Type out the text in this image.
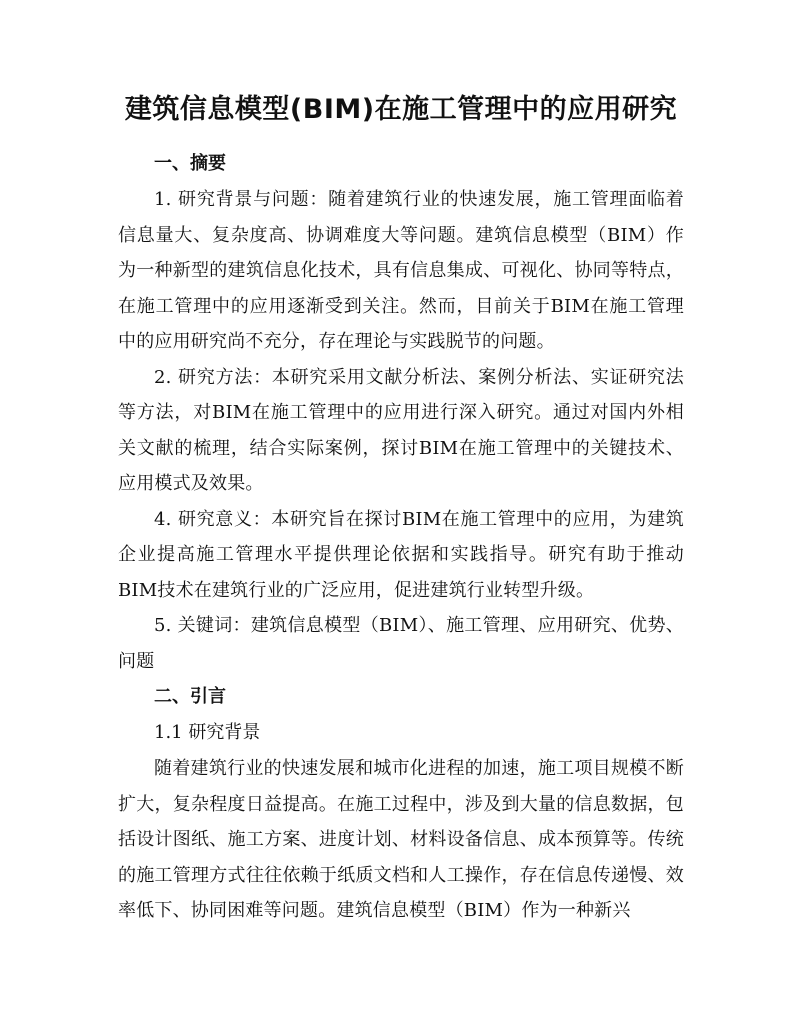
建筑信息模型(BIM)在施工管理中的应用研究

一、摘要

1. 研究背景与问题：随着建筑行业的快速发展，施工管理面临着信息量大、复杂度高、协调难度大等问题。建筑信息模型（BIM）作为一种新型的建筑信息化技术，具有信息集成、可视化、协同等特点，在施工管理中的应用逐渐受到关注。然而，目前关于BIM在施工管理中的应用研究尚不充分，存在理论与实践脱节的问题。

2. 研究方法：本研究采用文献分析法、案例分析法、实证研究法等方法，对BIM在施工管理中的应用进行深入研究。通过对国内外相关文献的梳理，结合实际案例，探讨BIM在施工管理中的关键技术、应用模式及效果。

4. 研究意义：本研究旨在探讨BIM在施工管理中的应用，为建筑企业提高施工管理水平提供理论依据和实践指导。研究有助于推动BIM技术在建筑行业的广泛应用，促进建筑行业转型升级。

5. 关键词：建筑信息模型（BIM）、施工管理、应用研究、优势、问题

二、引言

1.1 研究背景

随着建筑行业的快速发展和城市化进程的加速，施工项目规模不断扩大，复杂程度日益提高。在施工过程中，涉及到大量的信息数据，包括设计图纸、施工方案、进度计划、材料设备信息、成本预算等。传统的施工管理方式往往依赖于纸质文档和人工操作，存在信息传递慢、效率低下、协同困难等问题。建筑信息模型（BIM）作为一种新兴
